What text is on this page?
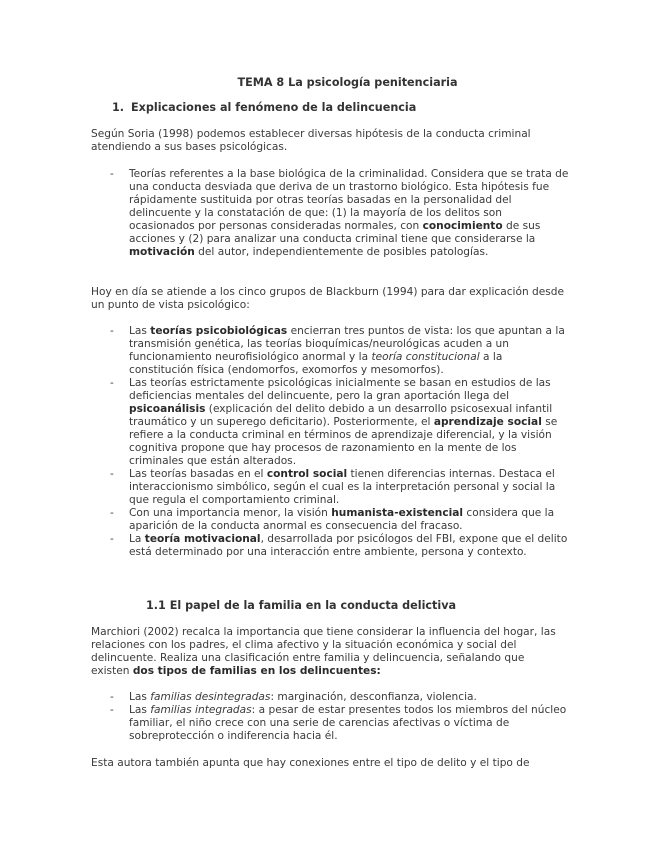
TEMA 8 La psicología penitenciaria
1. Explicaciones al fenómeno de la delincuencia

Según Soria (1998) podemos establecer diversas hipótesis de la conducta criminal atendiendo a sus bases psicológicas.

- Teorías referentes a la base biológica de la criminalidad. Considera que se trata de una conducta desviada que deriva de un trastorno biológico. Esta hipótesis fue rápidamente sustituida por otras teorías basadas en la personalidad del delincuente y la constatación de que: (1) la mayoría de los delitos son ocasionados por personas consideradas normales, con conocimiento de sus acciones y (2) para analizar una conducta criminal tiene que considerarse la motivación del autor, independientemente de posibles patologías.

Hoy en día se atiende a los cinco grupos de Blackburn (1994) para dar explicación desde un punto de vista psicológico:

- Las teorías psicobiológicas encierran tres puntos de vista: los que apuntan a la transmisión genética, las teorías bioquímicas/neurológicas acuden a un funcionamiento neurofisiológico anormal y la teoría constitucional a la constitución física (endomorfos, exomorfos y mesomorfos).
- Las teorías estrictamente psicológicas inicialmente se basan en estudios de las deficiencias mentales del delincuente, pero la gran aportación llega del psicoanálisis (explicación del delito debido a un desarrollo psicosexual infantil traumático y un superego deficitario). Posteriormente, el aprendizaje social se refiere a la conducta criminal en términos de aprendizaje diferencial, y la visión cognitiva propone que hay procesos de razonamiento en la mente de los criminales que están alterados.
- Las teorías basadas en el control social tienen diferencias internas. Destaca el interaccionismo simbólico, según el cual es la interpretación personal y social la que regula el comportamiento criminal.
- Con una importancia menor, la visión humanista-existencial considera que la aparición de la conducta anormal es consecuencia del fracaso.
- La teoría motivacional, desarrollada por psicólogos del FBI, expone que el delito está determinado por una interacción entre ambiente, persona y contexto.
1.1 El papel de la familia en la conducta delictiva

Marchiori (2002) recalca la importancia que tiene considerar la influencia del hogar, las relaciones con los padres, el clima afectivo y la situación económica y social del delincuente. Realiza una clasificación entre familia y delincuencia, señalando que existen dos tipos de familias en los delincuentes:

- Las familias desintegradas: marginación, desconfianza, violencia.
- Las familias integradas: a pesar de estar presentes todos los miembros del núcleo familiar, el niño crece con una serie de carencias afectivas o víctima de sobreprotección o indiferencia hacia él.

Esta autora también apunta que hay conexiones entre el tipo de delito y el tipo de
